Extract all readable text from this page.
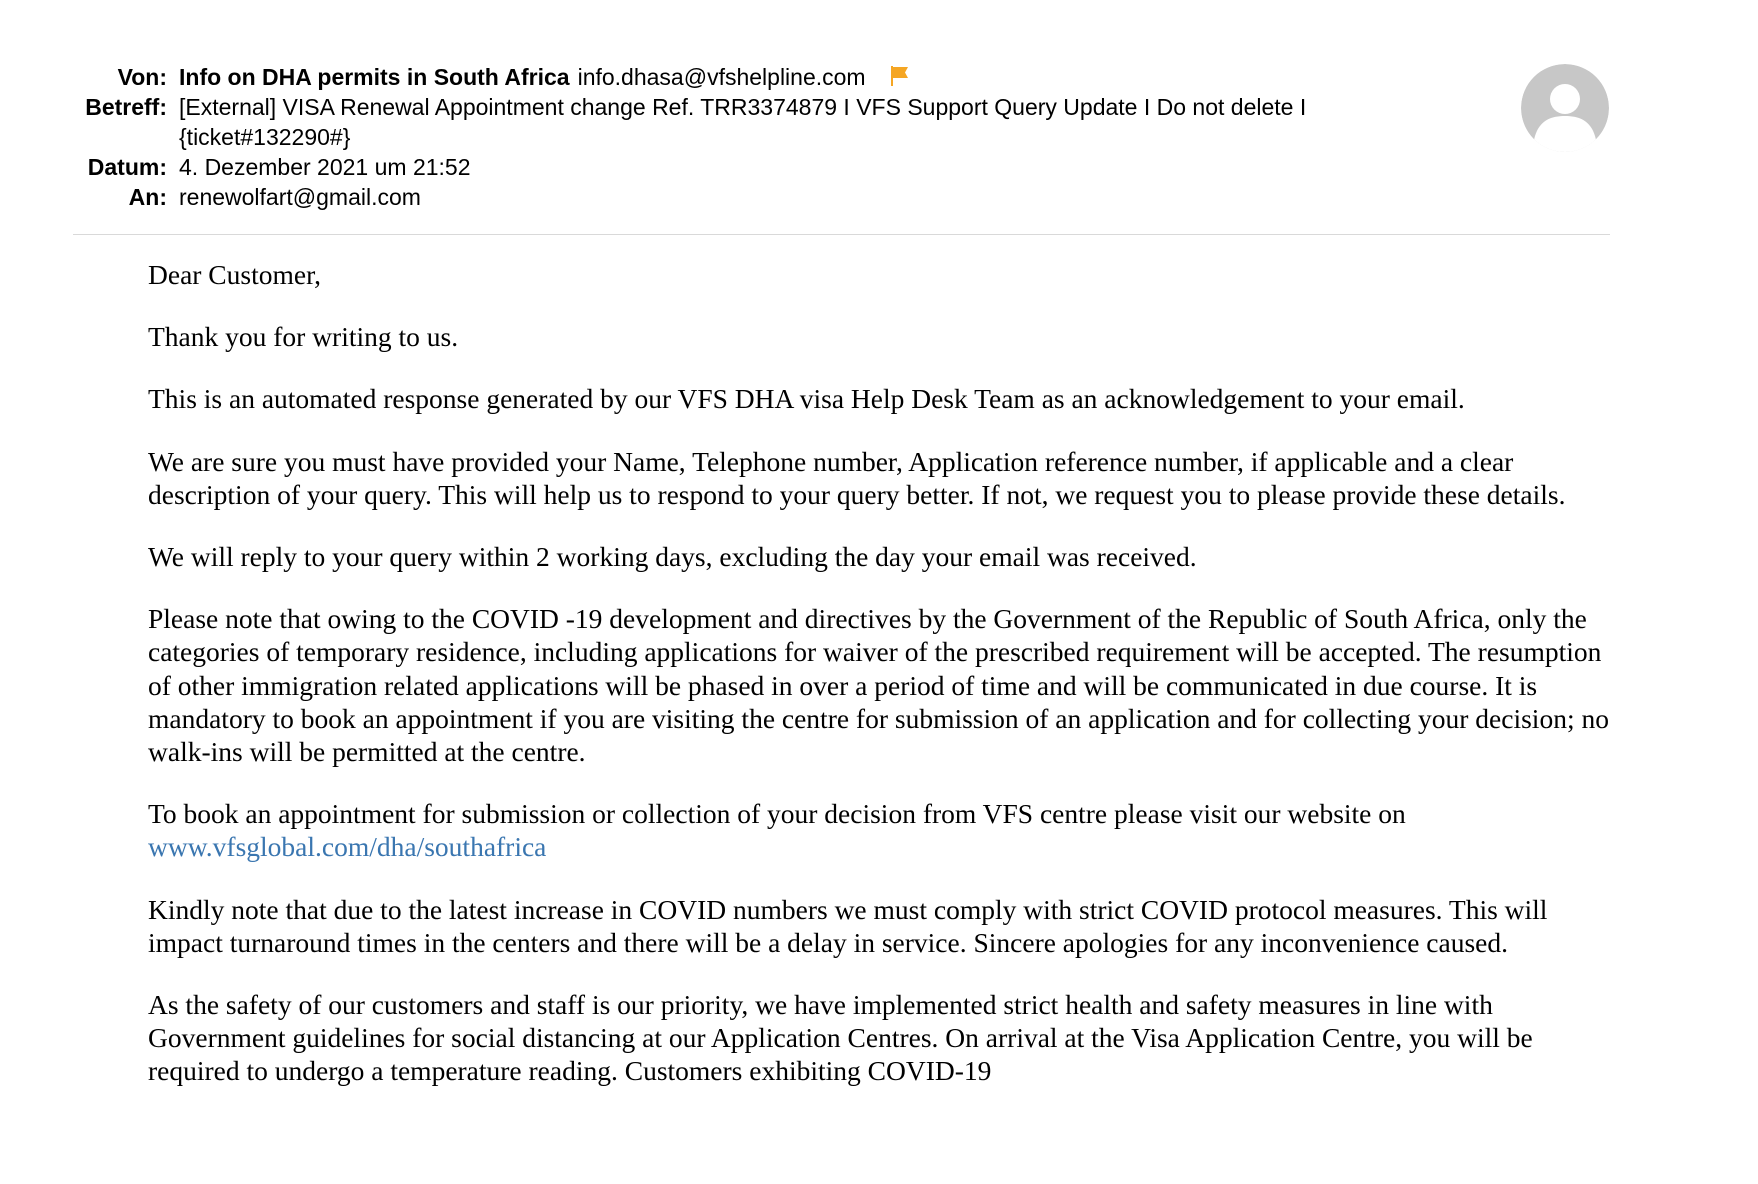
Von: Info on DHA permits in South Africa info.dhasa@vfshelpline.com
Betreff: [External] VISA Renewal Appointment change Ref. TRR3374879 I VFS Support Query Update I Do not delete I {ticket#132290#}
Datum: 4. Dezember 2021 um 21:52
An: renewolfart@gmail.com

Dear Customer,

Thank you for writing to us.

This is an automated response generated by our VFS DHA visa Help Desk Team as an acknowledgement to your email.

We are sure you must have provided your Name, Telephone number, Application reference number, if applicable and a clear description of your query. This will help us to respond to your query better. If not, we request you to please provide these details.

We will reply to your query within 2 working days, excluding the day your email was received.

Please note that owing to the COVID -19 development and directives by the Government of the Republic of South Africa, only the categories of temporary residence, including applications for waiver of the prescribed requirement will be accepted. The resumption of other immigration related applications will be phased in over a period of time and will be communicated in due course. It is mandatory to book an appointment if you are visiting the centre for submission of an application and for collecting your decision; no walk-ins will be permitted at the centre.

To book an appointment for submission or collection of your decision from VFS centre please visit our website on
www.vfsglobal.com/dha/southafrica

Kindly note that due to the latest increase in COVID numbers we must comply with strict COVID protocol measures. This will impact turnaround times in the centers and there will be a delay in service. Sincere apologies for any inconvenience caused.

As the safety of our customers and staff is our priority, we have implemented strict health and safety measures in line with Government guidelines for social distancing at our Application Centres. On arrival at the Visa Application Centre, you will be required to undergo a temperature reading. Customers exhibiting COVID-19
